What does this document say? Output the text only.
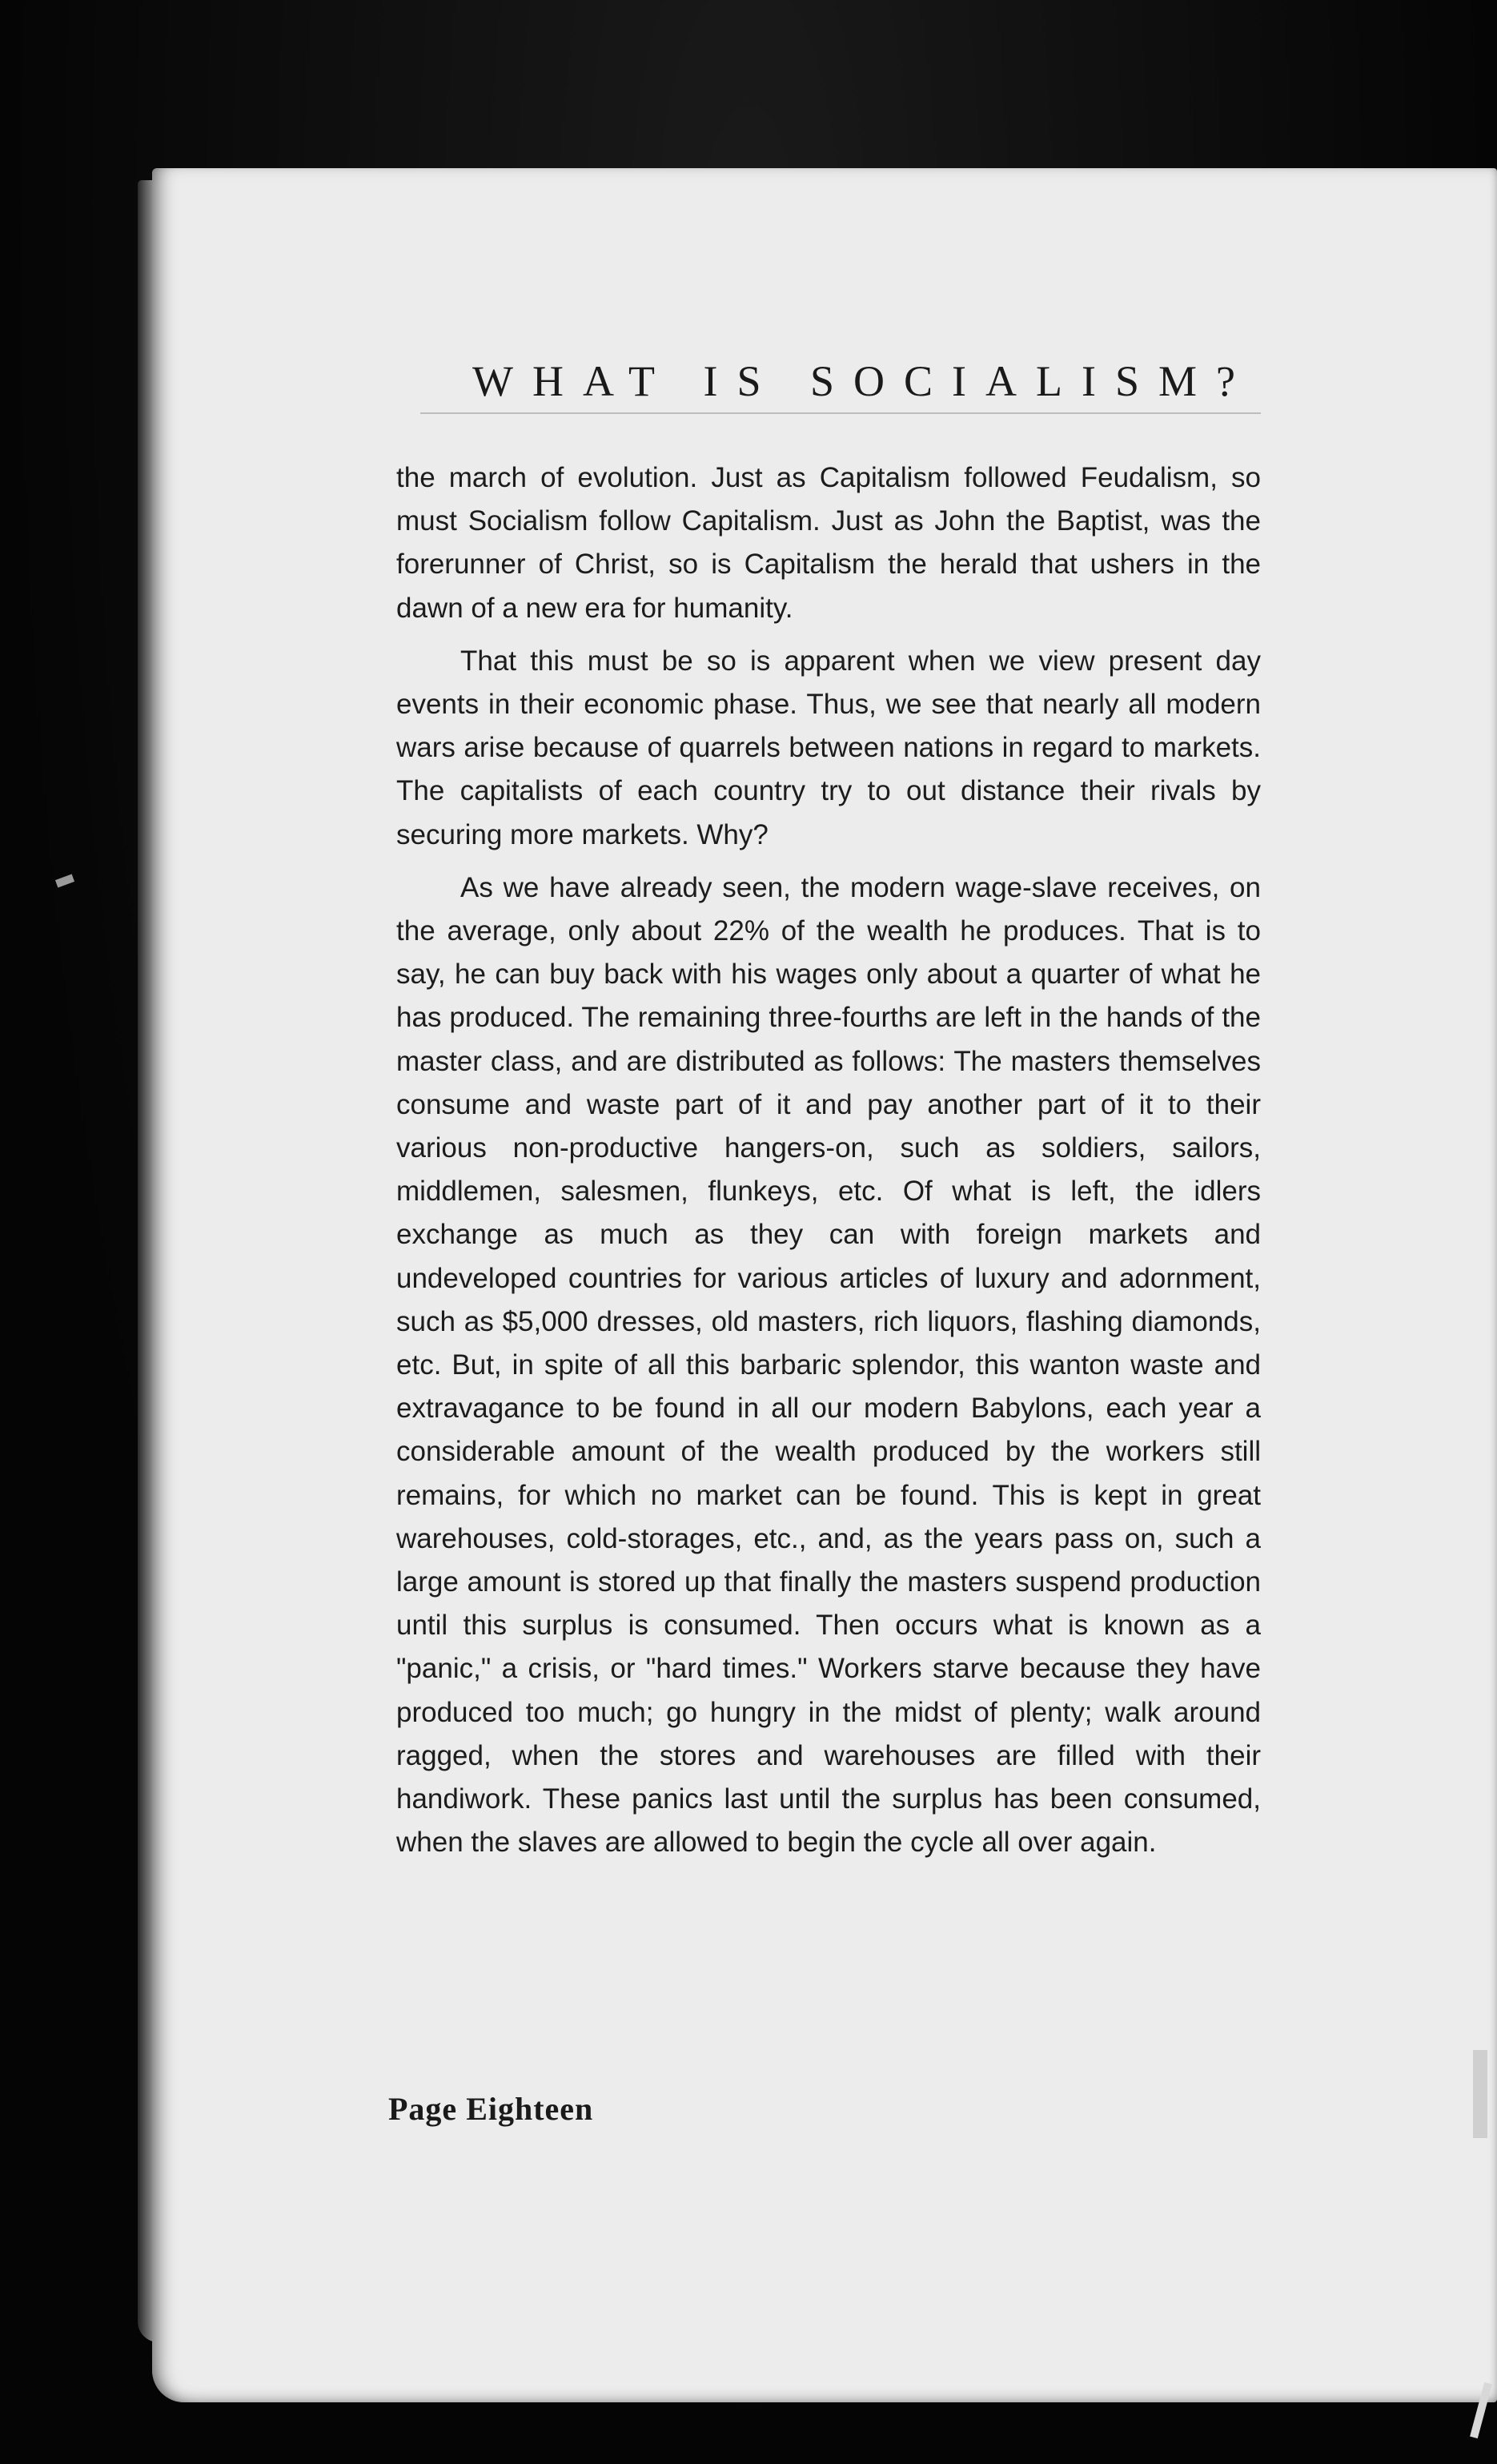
WHAT IS SOCIALISM?

the march of evolution. Just as Capitalism followed Feudalism, so must Socialism follow Capitalism. Just as John the Baptist, was the forerunner of Christ, so is Capitalism the herald that ushers in the dawn of a new era for humanity.

That this must be so is apparent when we view present day events in their economic phase. Thus, we see that nearly all modern wars arise because of quarrels between nations in regard to markets. The capitalists of each country try to out distance their rivals by securing more markets. Why?

As we have already seen, the modern wage-slave receives, on the average, only about 22% of the wealth he produces. That is to say, he can buy back with his wages only about a quarter of what he has produced. The remaining three-fourths are left in the hands of the master class, and are distributed as follows: The masters themselves consume and waste part of it and pay another part of it to their various non-productive hangers-on, such as soldiers, sailors, middlemen, salesmen, flunkeys, etc. Of what is left, the idlers exchange as much as they can with foreign markets and undeveloped countries for various articles of luxury and adornment, such as $5,000 dresses, old masters, rich liquors, flashing diamonds, etc. But, in spite of all this barbaric splendor, this wanton waste and extravagance to be found in all our modern Babylons, each year a considerable amount of the wealth produced by the workers still remains, for which no market can be found. This is kept in great warehouses, cold-storages, etc., and, as the years pass on, such a large amount is stored up that finally the masters suspend production until this surplus is consumed. Then occurs what is known as a "panic," a crisis, or "hard times." Workers starve because they have produced too much; go hungry in the midst of plenty; walk around ragged, when the stores and warehouses are filled with their handiwork. These panics last until the surplus has been consumed, when the slaves are allowed to begin the cycle all over again.

Page Eighteen
